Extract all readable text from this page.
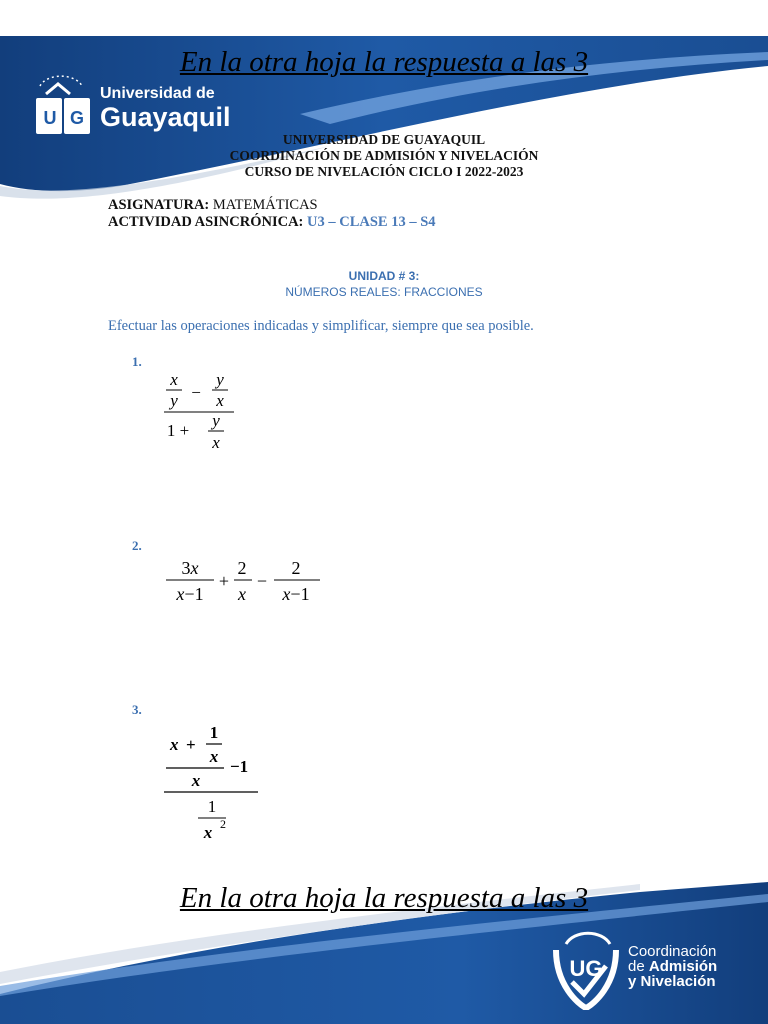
U G
Universidad de
Guayaquil
En la otra hoja la respuesta a las 3
UNIVERSIDAD DE GUAYAQUIL
COORDINACIÓN DE ADMISIÓN Y NIVELACIÓN
CURSO DE NIVELACIÓN CICLO I 2022-2023
ASIGNATURA: MATEMÁTICAS
ACTIVIDAD ASINCRÓNICA: U3 – CLASE 13 – S4
UNIDAD # 3:
NÚMEROS REALES: FRACCIONES
Efectuar las operaciones indicadas y simplificar, siempre que sea posible.
1.
x
y −
y
x
1 +
y
x
2.
3x
x−1
+
2
x
−
2
x−1
3.
x +
1
x
x
−1
1
x 2
En la otra hoja la respuesta a las 3
UG
Coordinación
de Admisión
y Nivelación
